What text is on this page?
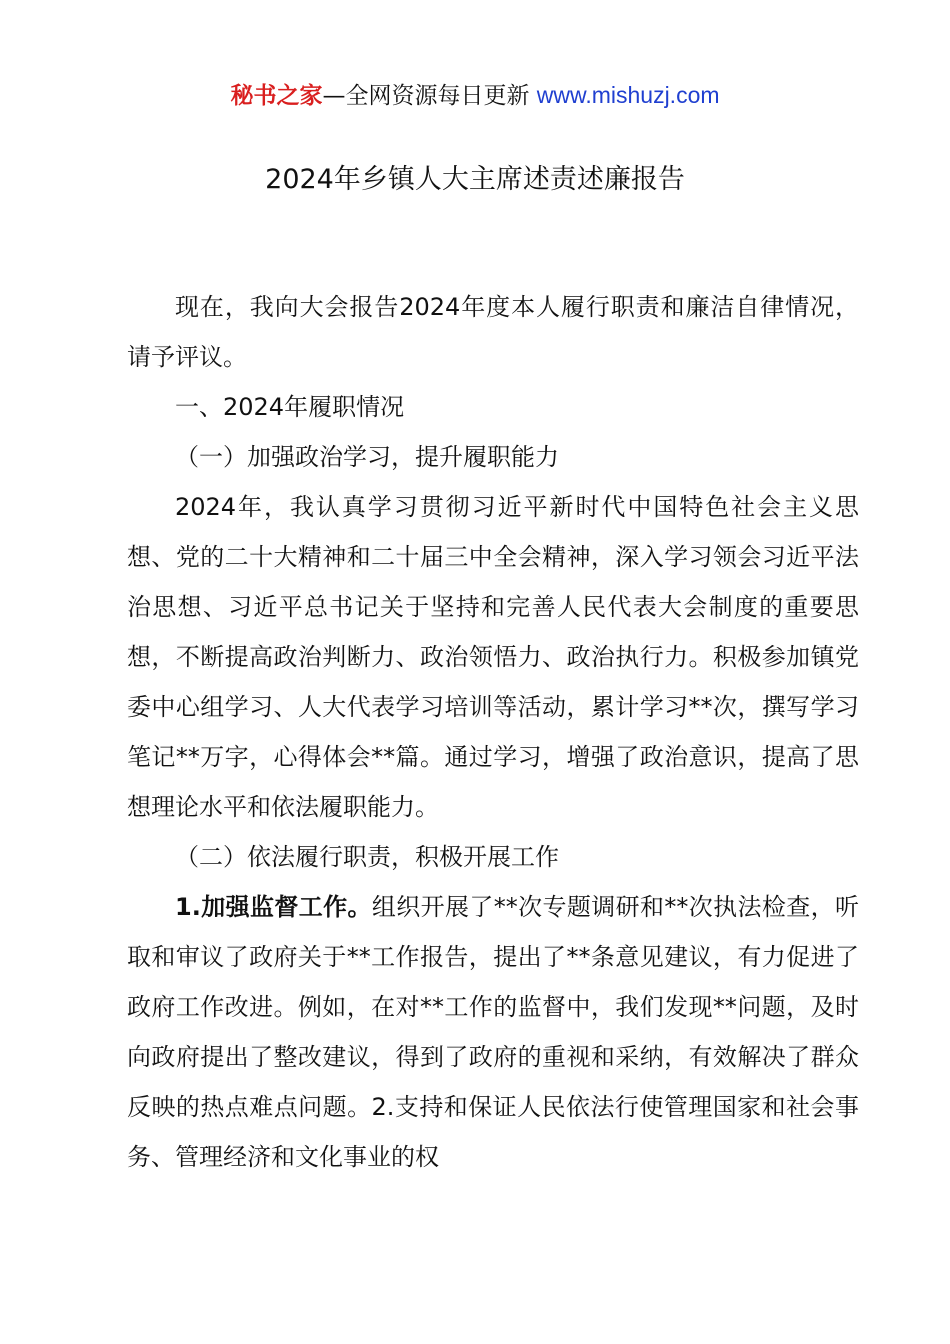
秘书之家—全网资源每日更新 www.mishuzj.com
2024年乡镇人大主席述责述廉报告

现在，我向大会报告2024年度本人履行职责和廉洁自律情况，请予评议。

一、2024年履职情况

（一）加强政治学习，提升履职能力

2024年，我认真学习贯彻习近平新时代中国特色社会主义思想、党的二十大精神和二十届三中全会精神，深入学习领会习近平法治思想、习近平总书记关于坚持和完善人民代表大会制度的重要思想，不断提高政治判断力、政治领悟力、政治执行力。积极参加镇党委中心组学习、人大代表学习培训等活动，累计学习**次，撰写学习笔记**万字，心得体会**篇。通过学习，增强了政治意识，提高了思想理论水平和依法履职能力。

（二）依法履行职责，积极开展工作

1.加强监督工作。组织开展了**次专题调研和**次执法检查，听取和审议了政府关于**工作报告，提出了**条意见建议，有力促进了政府工作改进。例如，在对**工作的监督中，我们发现**问题，及时向政府提出了整改建议，得到了政府的重视和采纳，有效解决了群众反映的热点难点问题。2.支持和保证人民依法行使管理国家和社会事务、管理经济和文化事业的权
